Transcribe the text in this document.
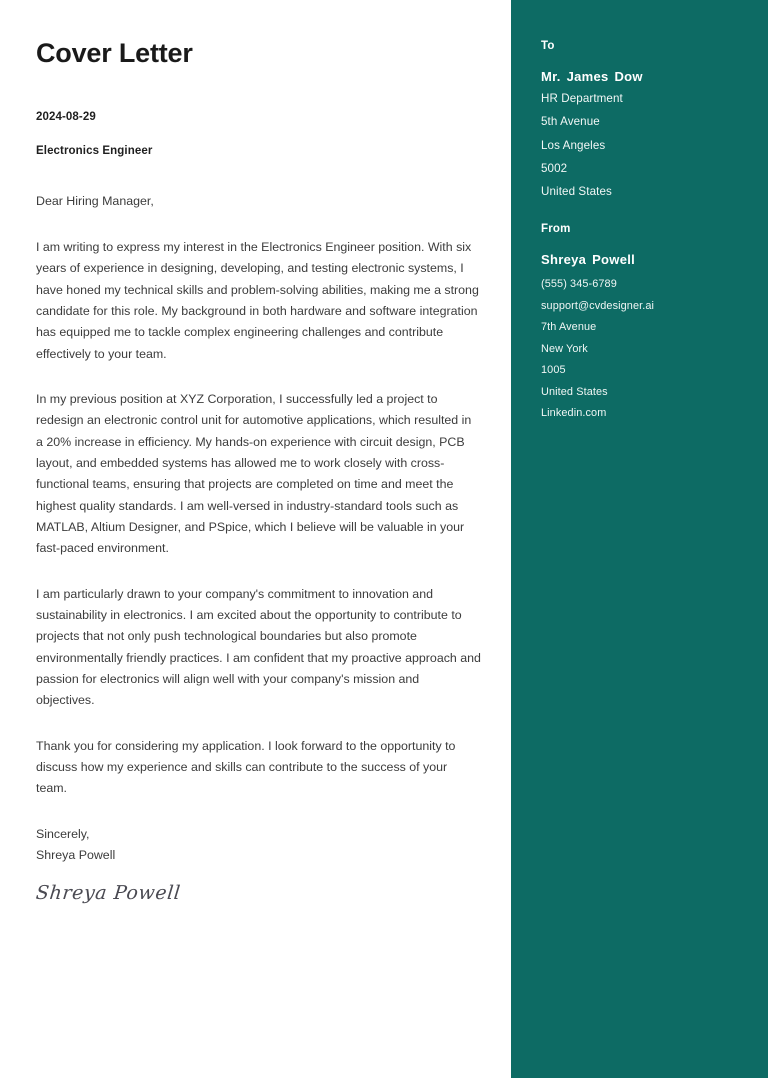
Cover Letter
2024-08-29
Electronics Engineer
Dear Hiring Manager,

I am writing to express my interest in the Electronics Engineer position. With six years of experience in designing, developing, and testing electronic systems, I have honed my technical skills and problem-solving abilities, making me a strong candidate for this role. My background in both hardware and software integration has equipped me to tackle complex engineering challenges and contribute effectively to your team.

In my previous position at XYZ Corporation, I successfully led a project to redesign an electronic control unit for automotive applications, which resulted in a 20% increase in efficiency. My hands-on experience with circuit design, PCB layout, and embedded systems has allowed me to work closely with cross-functional teams, ensuring that projects are completed on time and meet the highest quality standards. I am well-versed in industry-standard tools such as MATLAB, Altium Designer, and PSpice, which I believe will be valuable in your fast-paced environment.

I am particularly drawn to your company's commitment to innovation and sustainability in electronics. I am excited about the opportunity to contribute to projects that not only push technological boundaries but also promote environmentally friendly practices. I am confident that my proactive approach and passion for electronics will align well with your company's mission and objectives.

Thank you for considering my application. I look forward to the opportunity to discuss how my experience and skills can contribute to the success of your team.

Sincerely,
Shreya Powell
Shreya Powell
To
Mr. James Dow
HR Department
5th Avenue
Los Angeles
5002
United States
From
Shreya Powell
(555) 345-6789
support@cvdesigner.ai
7th Avenue
New York
1005
United States
Linkedin.com
